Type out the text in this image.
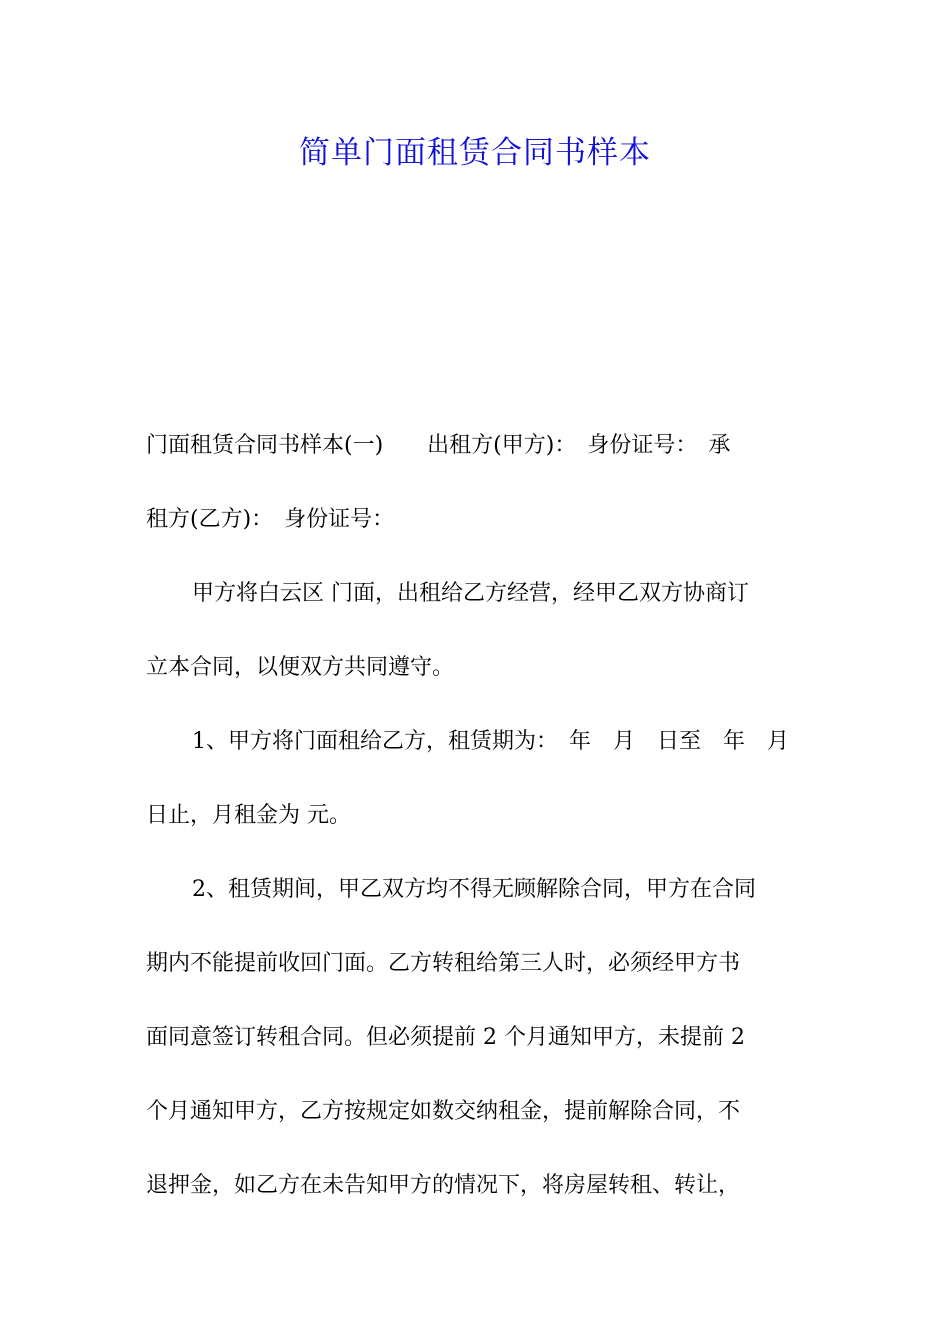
简单门面租赁合同书样本
门面租赁合同书样本(一)　　出租方(甲方)：　身份证号：　承
租方(乙方)：　身份证号：
甲方将白云区 门面，出租给乙方经营，经甲乙双方协商订
立本合同，以便双方共同遵守。
1、甲方将门面租给乙方，租赁期为：　年　月　日至　年　月
日止，月租金为 元。
2、租赁期间，甲乙双方均不得无顾解除合同，甲方在合同
期内不能提前收回门面。乙方转租给第三人时，必须经甲方书
面同意签订转租合同。但必须提前 2 个月通知甲方，未提前 2
个月通知甲方，乙方按规定如数交纳租金，提前解除合同，不
退押金，如乙方在未告知甲方的情况下，将房屋转租、转让，
